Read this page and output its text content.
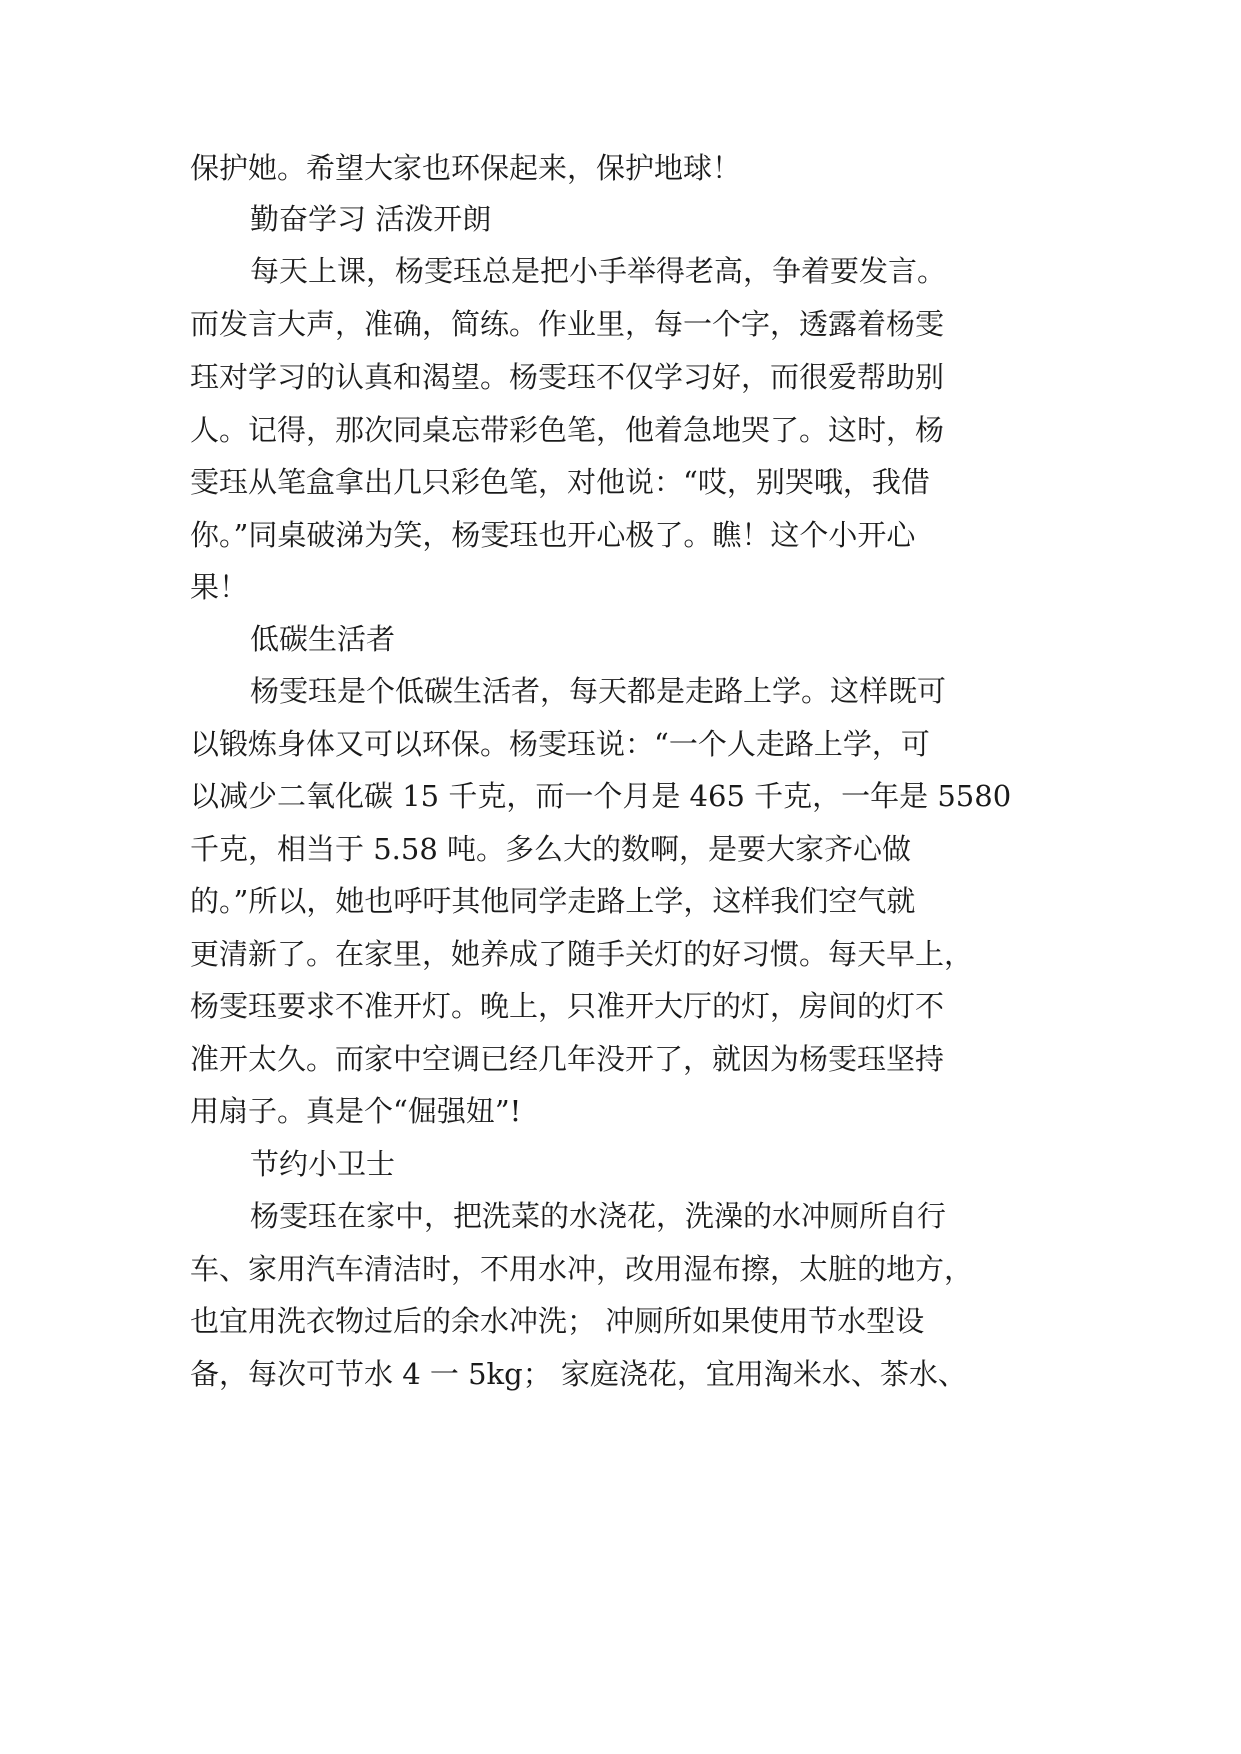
保护她。希望大家也环保起来，保护地球！
勤奋学习 活泼开朗
每天上课，杨雯珏总是把小手举得老高，争着要发言。
而发言大声，准确，简练。作业里，每一个字，透露着杨雯
珏对学习的认真和渴望。杨雯珏不仅学习好，而很爱帮助别
人。记得，那次同桌忘带彩色笔，他着急地哭了。这时，杨
雯珏从笔盒拿出几只彩色笔，对他说：“哎，别哭哦，我借
你。”同桌破涕为笑，杨雯珏也开心极了。瞧！这个小开心
果！
低碳生活者
杨雯珏是个低碳生活者，每天都是走路上学。这样既可
以锻炼身体又可以环保。杨雯珏说：“一个人走路上学，可
以减少二氧化碳 15 千克，而一个月是 465 千克，一年是 5580
千克，相当于 5.58 吨。多么大的数啊，是要大家齐心做
的。”所以，她也呼吁其他同学走路上学，这样我们空气就
更清新了。在家里，她养成了随手关灯的好习惯。每天早上，
杨雯珏要求不准开灯。晚上，只准开大厅的灯，房间的灯不
准开太久。而家中空调已经几年没开了，就因为杨雯珏坚持
用扇子。真是个“倔强妞”!
节约小卫士
杨雯珏在家中，把洗菜的水浇花，洗澡的水冲厕所自行
车、家用汽车清洁时，不用水冲，改用湿布擦，太脏的地方，
也宜用洗衣物过后的余水冲洗； 冲厕所如果使用节水型设
备，每次可节水 4 一 5kg； 家庭浇花，宜用淘米水、茶水、
